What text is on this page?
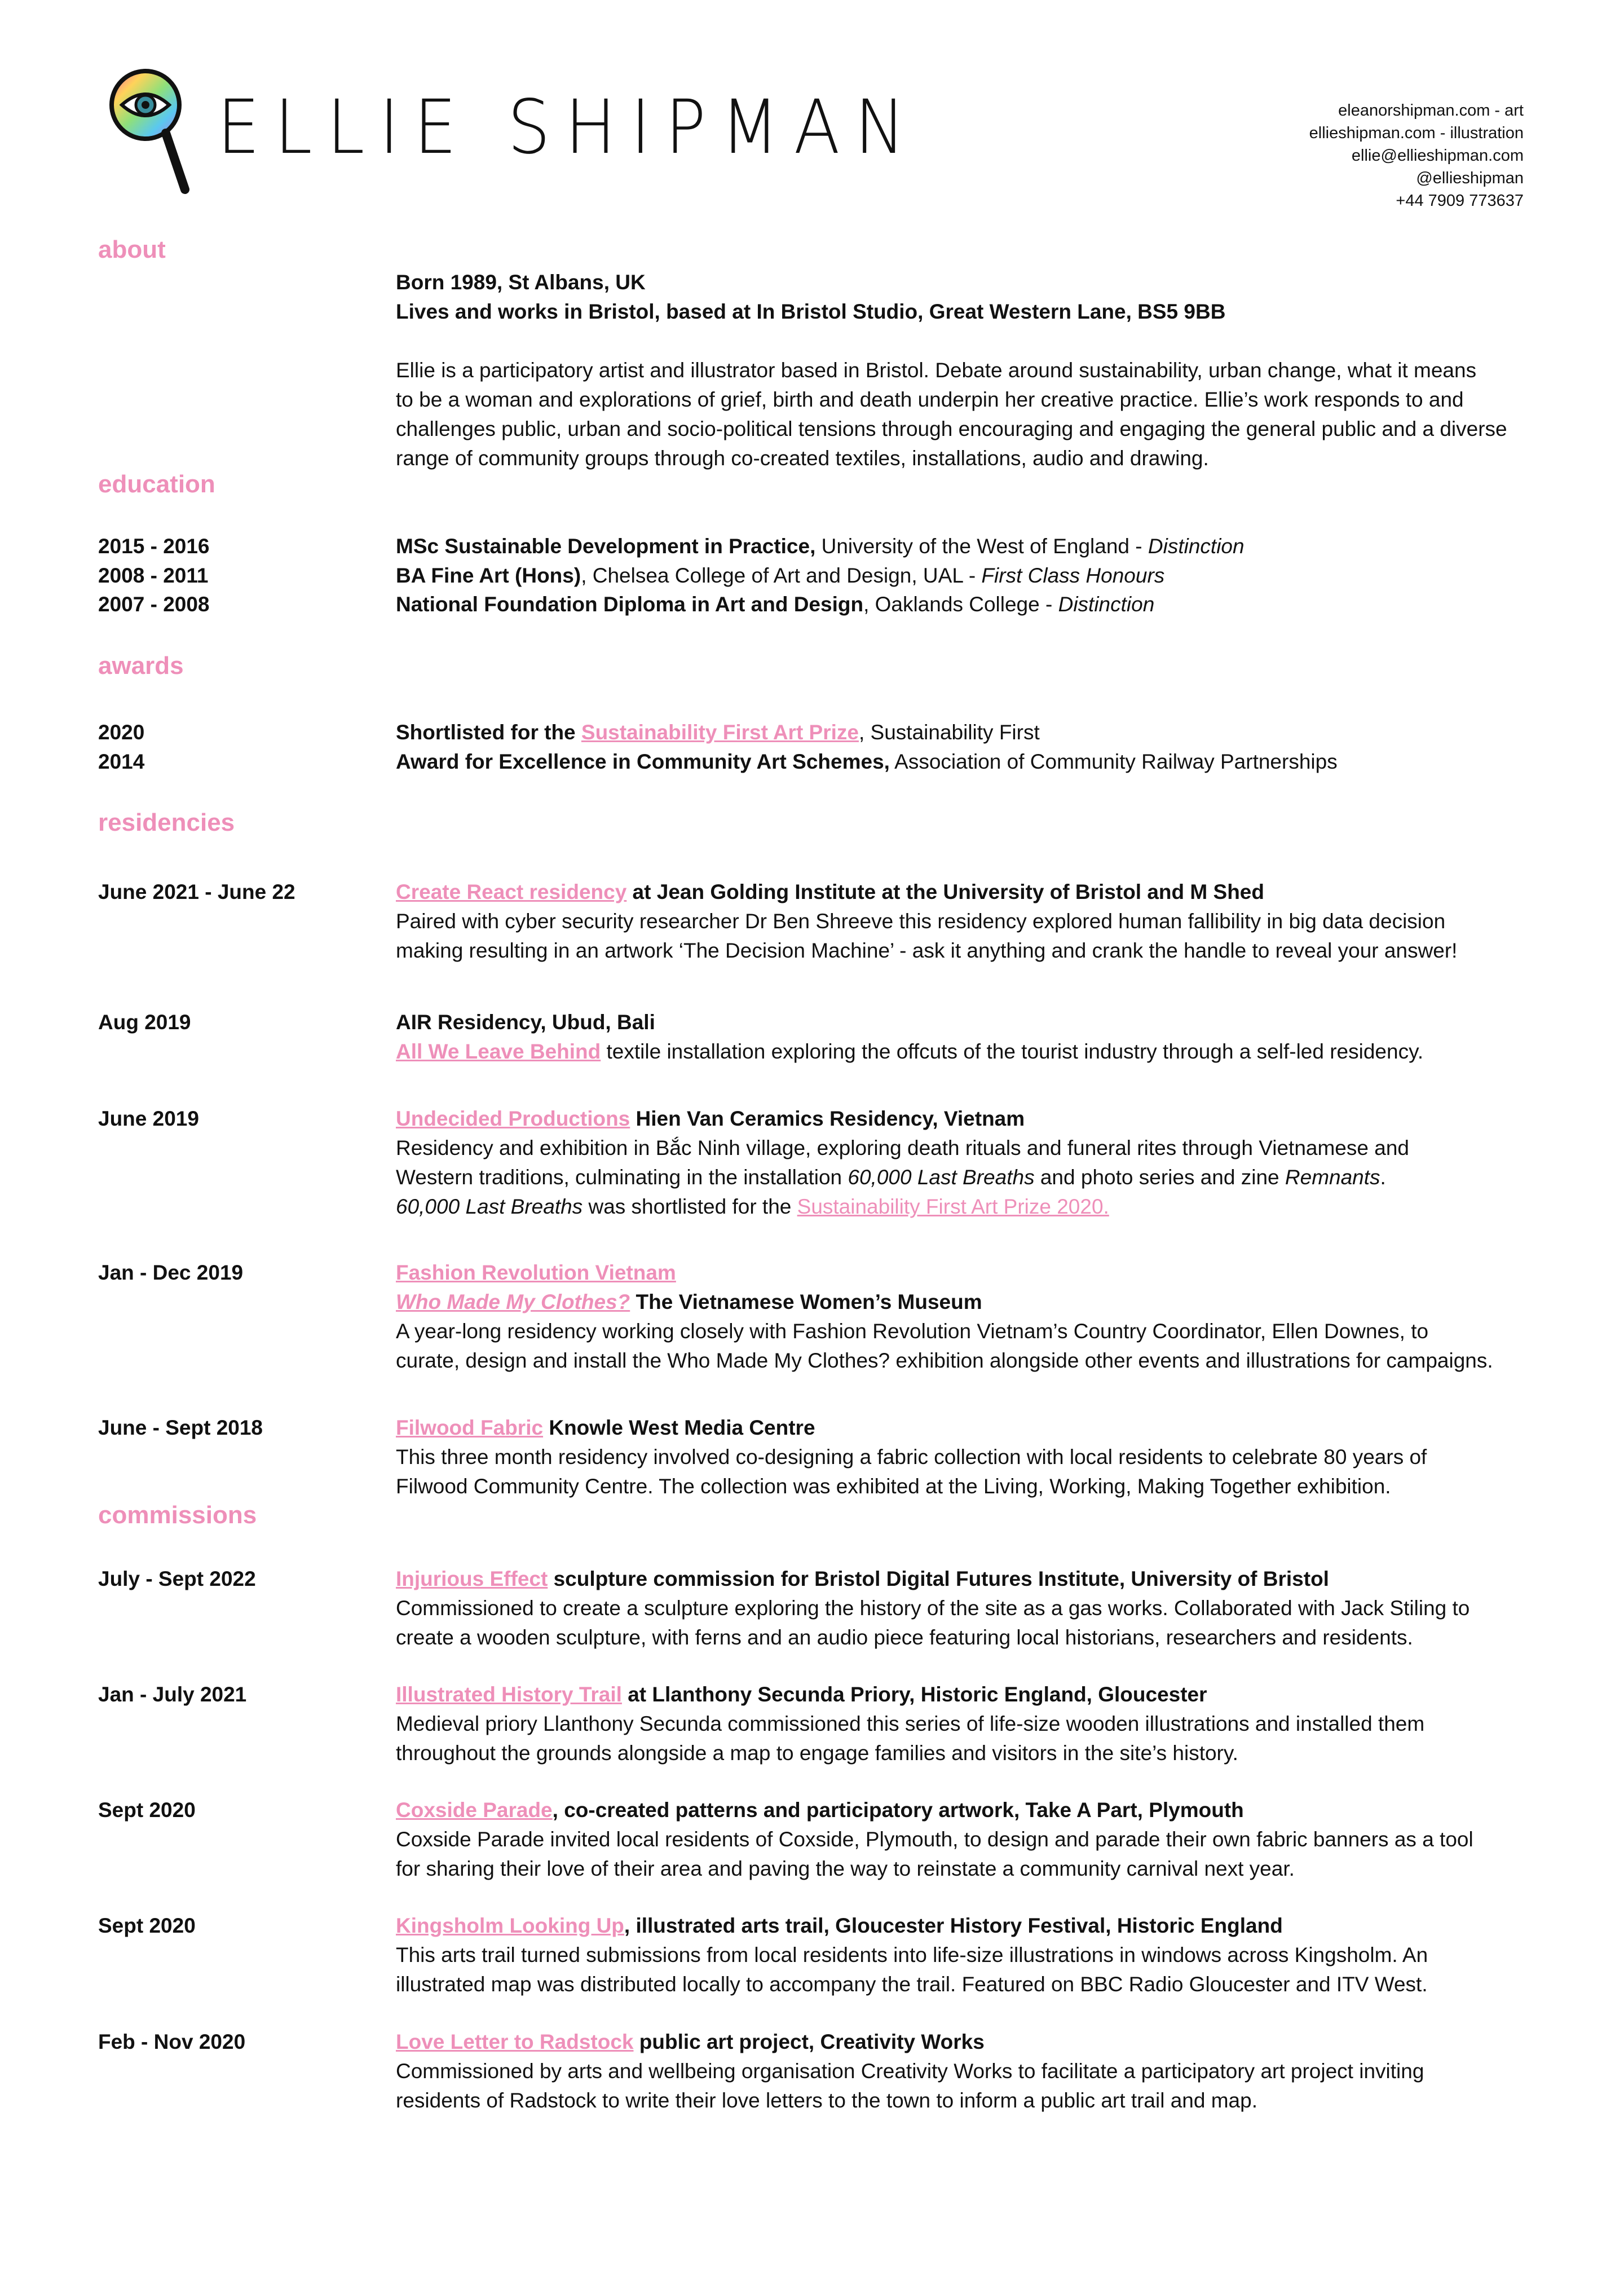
ELLIE SHIPMAN	eleanorshipman.com - art
ellieshipman.com - illustration
ellie@ellieshipman.com
@ellieshipman
+44 7909 773637
about
Born 1989, St Albans, UK
Lives and works in Bristol, based at In Bristol Studio, Great Western Lane, BS5 9BB
Ellie is a participatory artist and illustrator based in Bristol. Debate around sustainability, urban change, what it means
to be a woman and explorations of grief, birth and death underpin her creative practice. Ellie’s work responds to and
challenges public, urban and socio-political tensions through encouraging and engaging the general public and a diverse
range of community groups through co-created textiles, installations, audio and drawing.
education
2015 - 2016	MSc Sustainable Development in Practice, University of the West of England - Distinction
2008 - 2011	BA Fine Art (Hons), Chelsea College of Art and Design, UAL - First Class Honours
2007 - 2008	National Foundation Diploma in Art and Design, Oaklands College - Distinction
awards
2020	Shortlisted for the Sustainability First Art Prize, Sustainability First
2014	Award for Excellence in Community Art Schemes, Association of Community Railway Partnerships
residencies
June 2021 - June 22	Create React residency at Jean Golding Institute at the University of Bristol and M Shed
Paired with cyber security researcher Dr Ben Shreeve this residency explored human fallibility in big data decision
making resulting in an artwork ‘The Decision Machine’ - ask it anything and crank the handle to reveal your answer!
Aug 2019	AIR Residency, Ubud, Bali
All We Leave Behind textile installation exploring the offcuts of the tourist industry through a self-led residency.
June 2019	Undecided Productions Hien Van Ceramics Residency, Vietnam
Residency and exhibition in Bắc Ninh village, exploring death rituals and funeral rites through Vietnamese and
Western traditions, culminating in the installation 60,000 Last Breaths and photo series and zine Remnants.
60,000 Last Breaths was shortlisted for the Sustainability First Art Prize 2020.
Jan - Dec 2019	Fashion Revolution Vietnam
Who Made My Clothes? The Vietnamese Women’s Museum
A year-long residency working closely with Fashion Revolution Vietnam’s Country Coordinator, Ellen Downes, to
curate, design and install the Who Made My Clothes? exhibition alongside other events and illustrations for campaigns.
June - Sept 2018	Filwood Fabric Knowle West Media Centre
This three month residency involved co-designing a fabric collection with local residents to celebrate 80 years of
Filwood Community Centre. The collection was exhibited at the Living, Working, Making Together exhibition.
commissions
July - Sept 2022	Injurious Effect sculpture commission for Bristol Digital Futures Institute, University of Bristol
Commissioned to create a sculpture exploring the history of the site as a gas works. Collaborated with Jack Stiling to
create a wooden sculpture, with ferns and an audio piece featuring local historians, researchers and residents.
Jan - July 2021	Illustrated History Trail at Llanthony Secunda Priory, Historic England, Gloucester
Medieval priory Llanthony Secunda commissioned this series of life-size wooden illustrations and installed them
throughout the grounds alongside a map to engage families and visitors in the site’s history.
Sept 2020	Coxside Parade, co-created patterns and participatory artwork, Take A Part, Plymouth
Coxside Parade invited local residents of Coxside, Plymouth, to design and parade their own fabric banners as a tool
for sharing their love of their area and paving the way to reinstate a community carnival next year.
Sept 2020	Kingsholm Looking Up, illustrated arts trail, Gloucester History Festival, Historic England
This arts trail turned submissions from local residents into life-size illustrations in windows across Kingsholm. An
illustrated map was distributed locally to accompany the trail. Featured on BBC Radio Gloucester and ITV West.
Feb - Nov 2020	Love Letter to Radstock public art project, Creativity Works
Commissioned by arts and wellbeing organisation Creativity Works to facilitate a participatory art project inviting
residents of Radstock to write their love letters to the town to inform a public art trail and map.
